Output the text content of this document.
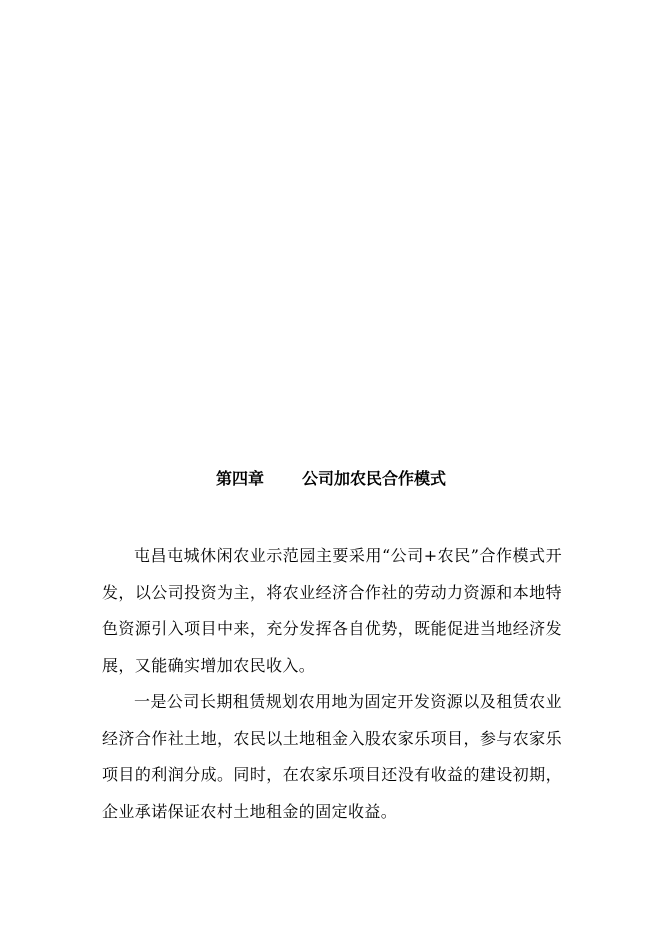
第四章 公司加农民合作模式

屯昌屯城休闲农业示范园主要采用“公司+农民”合作模式开发，以公司投资为主，将农业经济合作社的劳动力资源和本地特色资源引入项目中来，充分发挥各自优势，既能促进当地经济发展，又能确实增加农民收入。

一是公司长期租赁规划农用地为固定开发资源以及租赁农业经济合作社土地，农民以土地租金入股农家乐项目，参与农家乐项目的利润分成。同时，在农家乐项目还没有收益的建设初期，企业承诺保证农村土地租金的固定收益。
